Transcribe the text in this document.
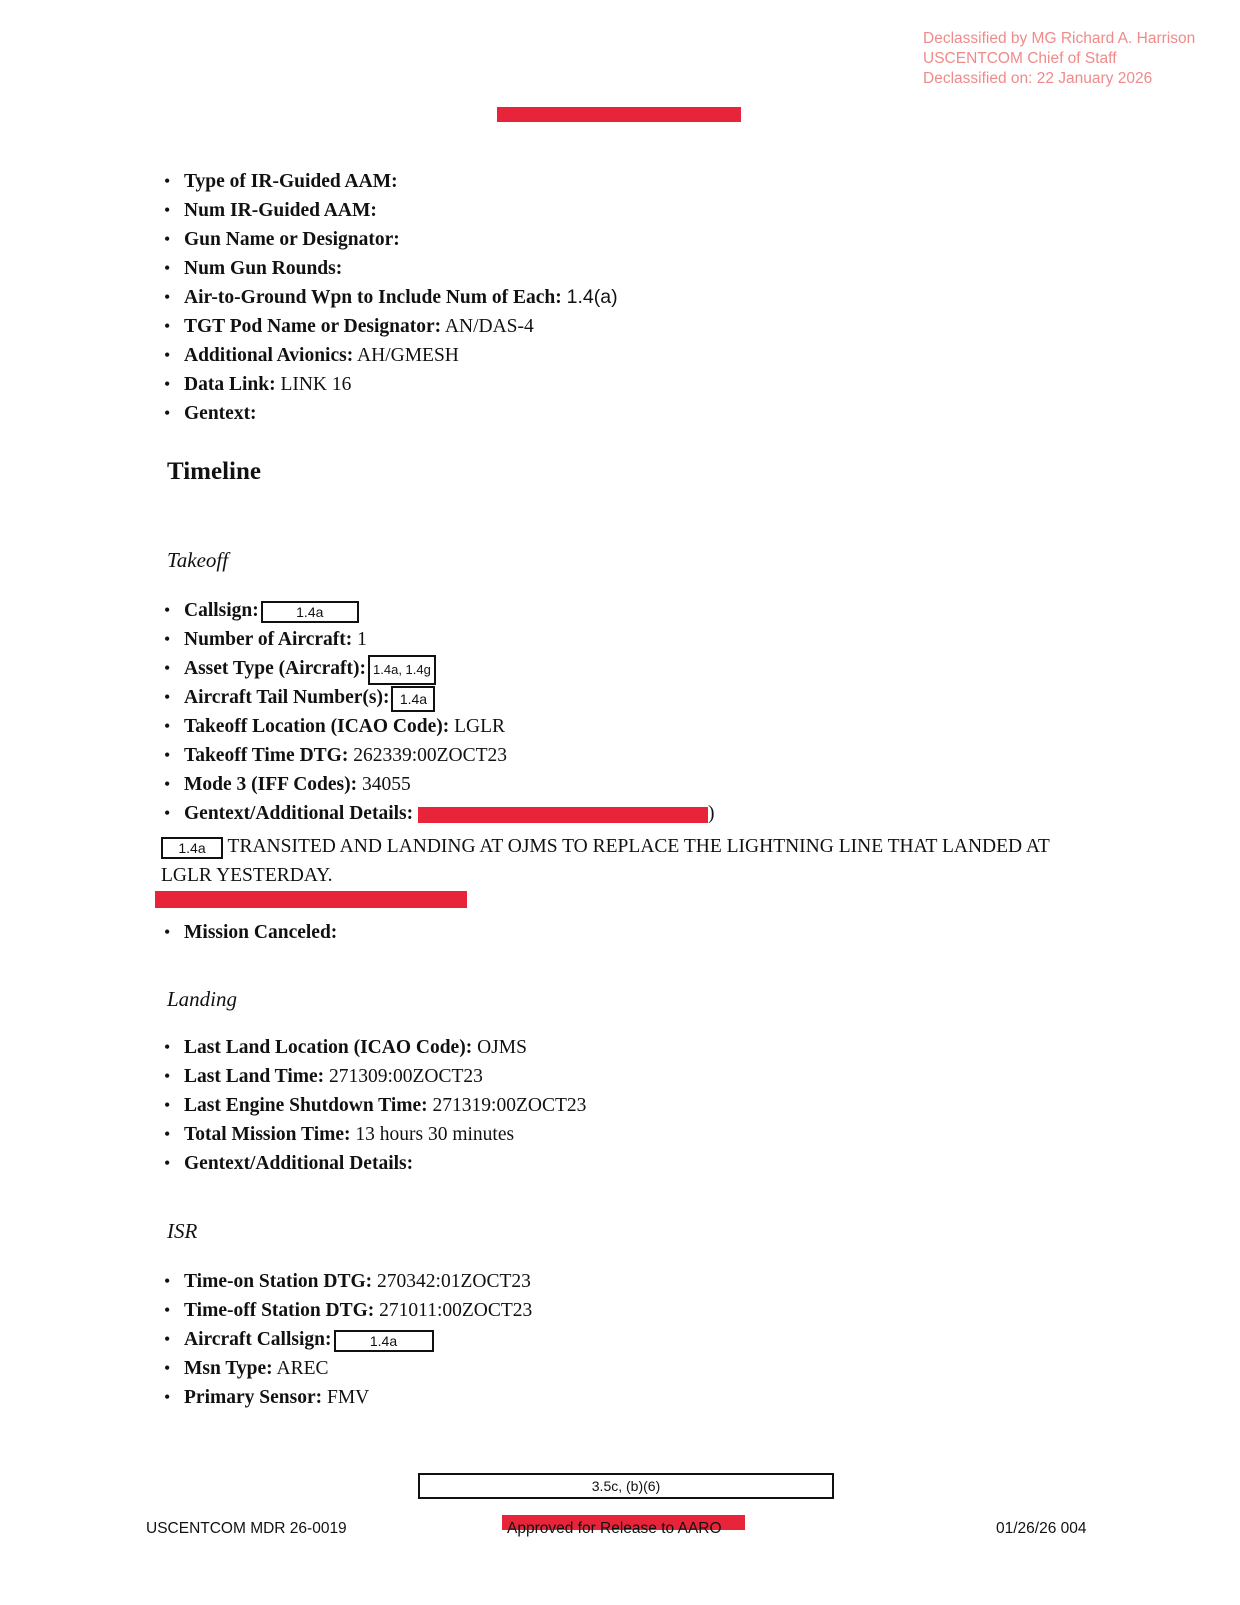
Declassified by MG Richard A. Harrison
USCENTCOM Chief of Staff
Declassified on: 22 January 2026
• Type of IR-Guided AAM:
• Num IR-Guided AAM:
• Gun Name or Designator:
• Num Gun Rounds:
• Air-to-Ground Wpn to Include Num of Each: 1.4(a)
• TGT Pod Name or Designator: AN/DAS-4
• Additional Avionics: AH/GMESH
• Data Link: LINK 16
• Gentext:
Timeline
Takeoff
• Callsign:	1.4a
• Number of Aircraft: 1
• Asset Type (Aircraft): 1.4a, 1.4g
• Aircraft Tail Number(s): 1.4a
• Takeoff Location (ICAO Code): LGLR
• Takeoff Time DTG: 262339:00ZOCT23
• Mode 3 (IFF Codes): 34055
• Gentext/Additional Details:	)
1.4a TRANSITED AND LANDING AT OJMS TO REPLACE THE LIGHTNING LINE THAT LANDED AT LGLR YESTERDAY.
• Mission Canceled:
Landing
• Last Land Location (ICAO Code): OJMS
• Last Land Time: 271309:00ZOCT23
• Last Engine Shutdown Time: 271319:00ZOCT23
• Total Mission Time: 13 hours 30 minutes
• Gentext/Additional Details:
ISR
• Time-on Station DTG: 270342:01ZOCT23
• Time-off Station DTG: 271011:00ZOCT23
• Aircraft Callsign:	1.4a
• Msn Type: AREC
• Primary Sensor: FMV
3.5c, (b)(6)
USCENTCOM MDR 26-0019	Approved for Release to AARO	01/26/26 004
